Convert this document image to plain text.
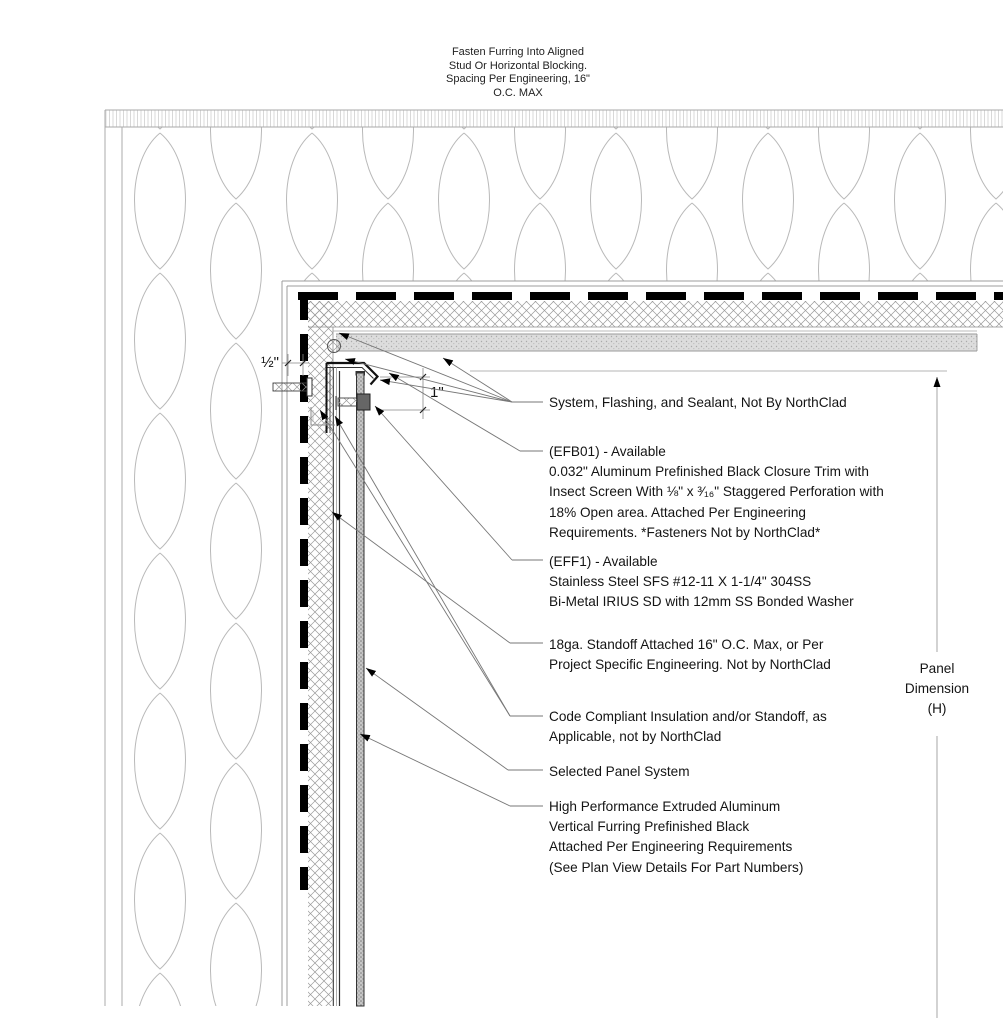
½"
1"
Panel
Dimension
(H)
Fasten Furring Into Aligned
Stud Or Horizontal Blocking.
Spacing Per Engineering, 16"
O.C. MAX
System, Flashing, and Sealant, Not By NorthClad
(EFB01) - Available
0.032" Aluminum Prefinished Black Closure Trim with
Insect Screen With ⅛" x ³⁄₁₆" Staggered Perforation with
18% Open area. Attached Per Engineering
Requirements. *Fasteners Not by NorthClad*
(EFF1) - Available
Stainless Steel SFS #12-11 X 1-1/4" 304SS
Bi-Metal IRIUS SD with 12mm SS Bonded Washer
18ga. Standoff Attached 16" O.C. Max, or Per
Project Specific Engineering. Not by NorthClad
Code Compliant Insulation and/or Standoff, as
Applicable, not by NorthClad
Selected Panel System
High Performance Extruded Aluminum
Vertical Furring Prefinished Black
Attached Per Engineering Requirements
(See Plan View Details For Part Numbers)
